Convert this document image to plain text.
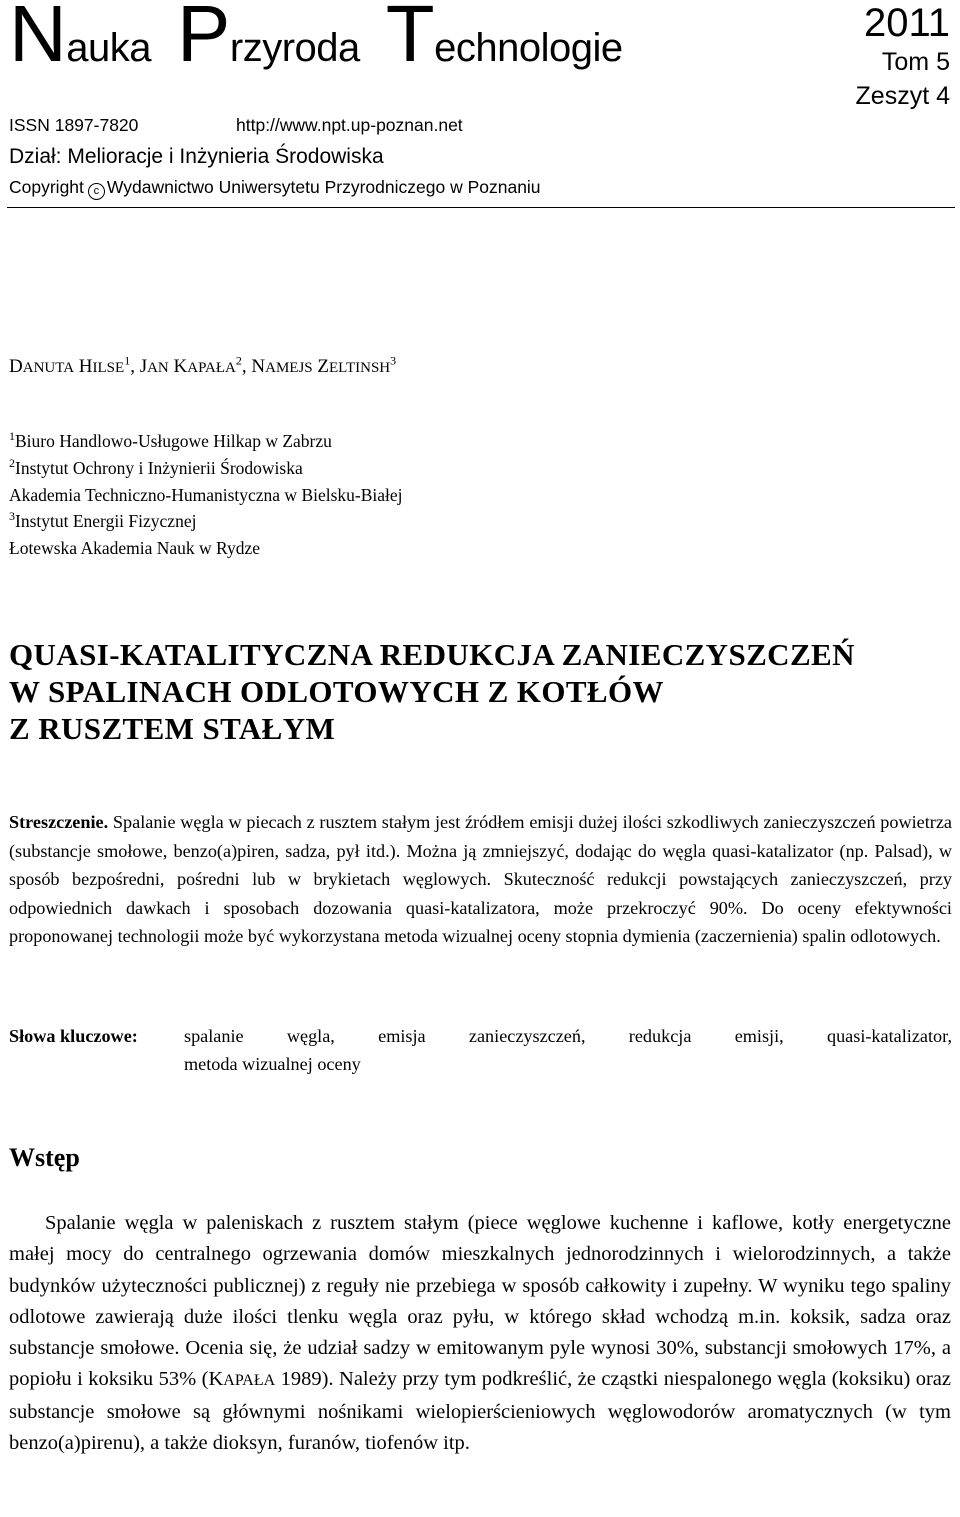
Nauka Przyroda Technologie
2011
Tom 5
Zeszyt 4
ISSN 1897-7820	http://www.npt.up-poznan.net
Dział: Melioracje i Inżynieria Środowiska
Copyright c Wydawnictwo Uniwersytetu Przyrodniczego w Poznaniu
DANUTA HILSE$^1$, JAN KAPAŁA$^2$, NAMEJS ZELTINSH$^3$
$^1$Biuro Handlowo-Usługowe Hilkap w Zabrzu
$^2$Instytut Ochrony i Inżynierii Środowiska
Akademia Techniczno-Humanistyczna w Bielsku-Białej
$^3$Instytut Energii Fizycznej
Łotewska Akademia Nauk w Rydze
QUASI-KATALITYCZNA REDUKCJA ZANIECZYSZCZEŃ
W SPALINACH ODLOTOWYCH Z KOTŁÓW
Z RUSZTEM STAŁYM
Streszczenie. Spalanie węgla w piecach z rusztem stałym jest źródłem emisji dużej ilości szkodliwych zanieczyszczeń powietrza (substancje smołowe, benzo(a)piren, sadza, pył itd.). Można ją zmniejszyć, dodając do węgla quasi-katalizator (np. Palsad), w sposób bezpośredni, pośredni lub w brykietach węglowych. Skuteczność redukcji powstających zanieczyszczeń, przy odpowiednich dawkach i sposobach dozowania quasi-katalizatora, może przekroczyć 90%. Do oceny efektywności proponowanej technologii może być wykorzystana metoda wizualnej oceny stopnia dymienia (zaczernienia) spalin odlotowych.
Słowa kluczowe:	spalanie węgla, emisja zanieczyszczeń, redukcja emisji, quasi-katalizator,
metoda wizualnej oceny
Wstęp
Spalanie węgla w paleniskach z rusztem stałym (piece węglowe kuchenne i kaflowe, kotły energetyczne małej mocy do centralnego ogrzewania domów mieszkalnych jednorodzinnych i wielorodzinnych, a także budynków użyteczności publicznej) z reguły nie przebiega w sposób całkowity i zupełny. W wyniku tego spaliny odlotowe zawierają duże ilości tlenku węgla oraz pyłu, w którego skład wchodzą m.in. koksik, sadza oraz substancje smołowe. Ocenia się, że udział sadzy w emitowanym pyle wynosi 30%, substancji smołowych 17%, a popiołu i koksiku 53% (KAPAŁA 1989). Należy przy tym podkreślić, że cząstki niespalonego węgla (koksiku) oraz substancje smołowe są głównymi nośnikami wielopierścieniowych węglowodorów aromatycznych (w tym benzo(a)pirenu), a także dioksyn, furanów, tiofenów itp.
